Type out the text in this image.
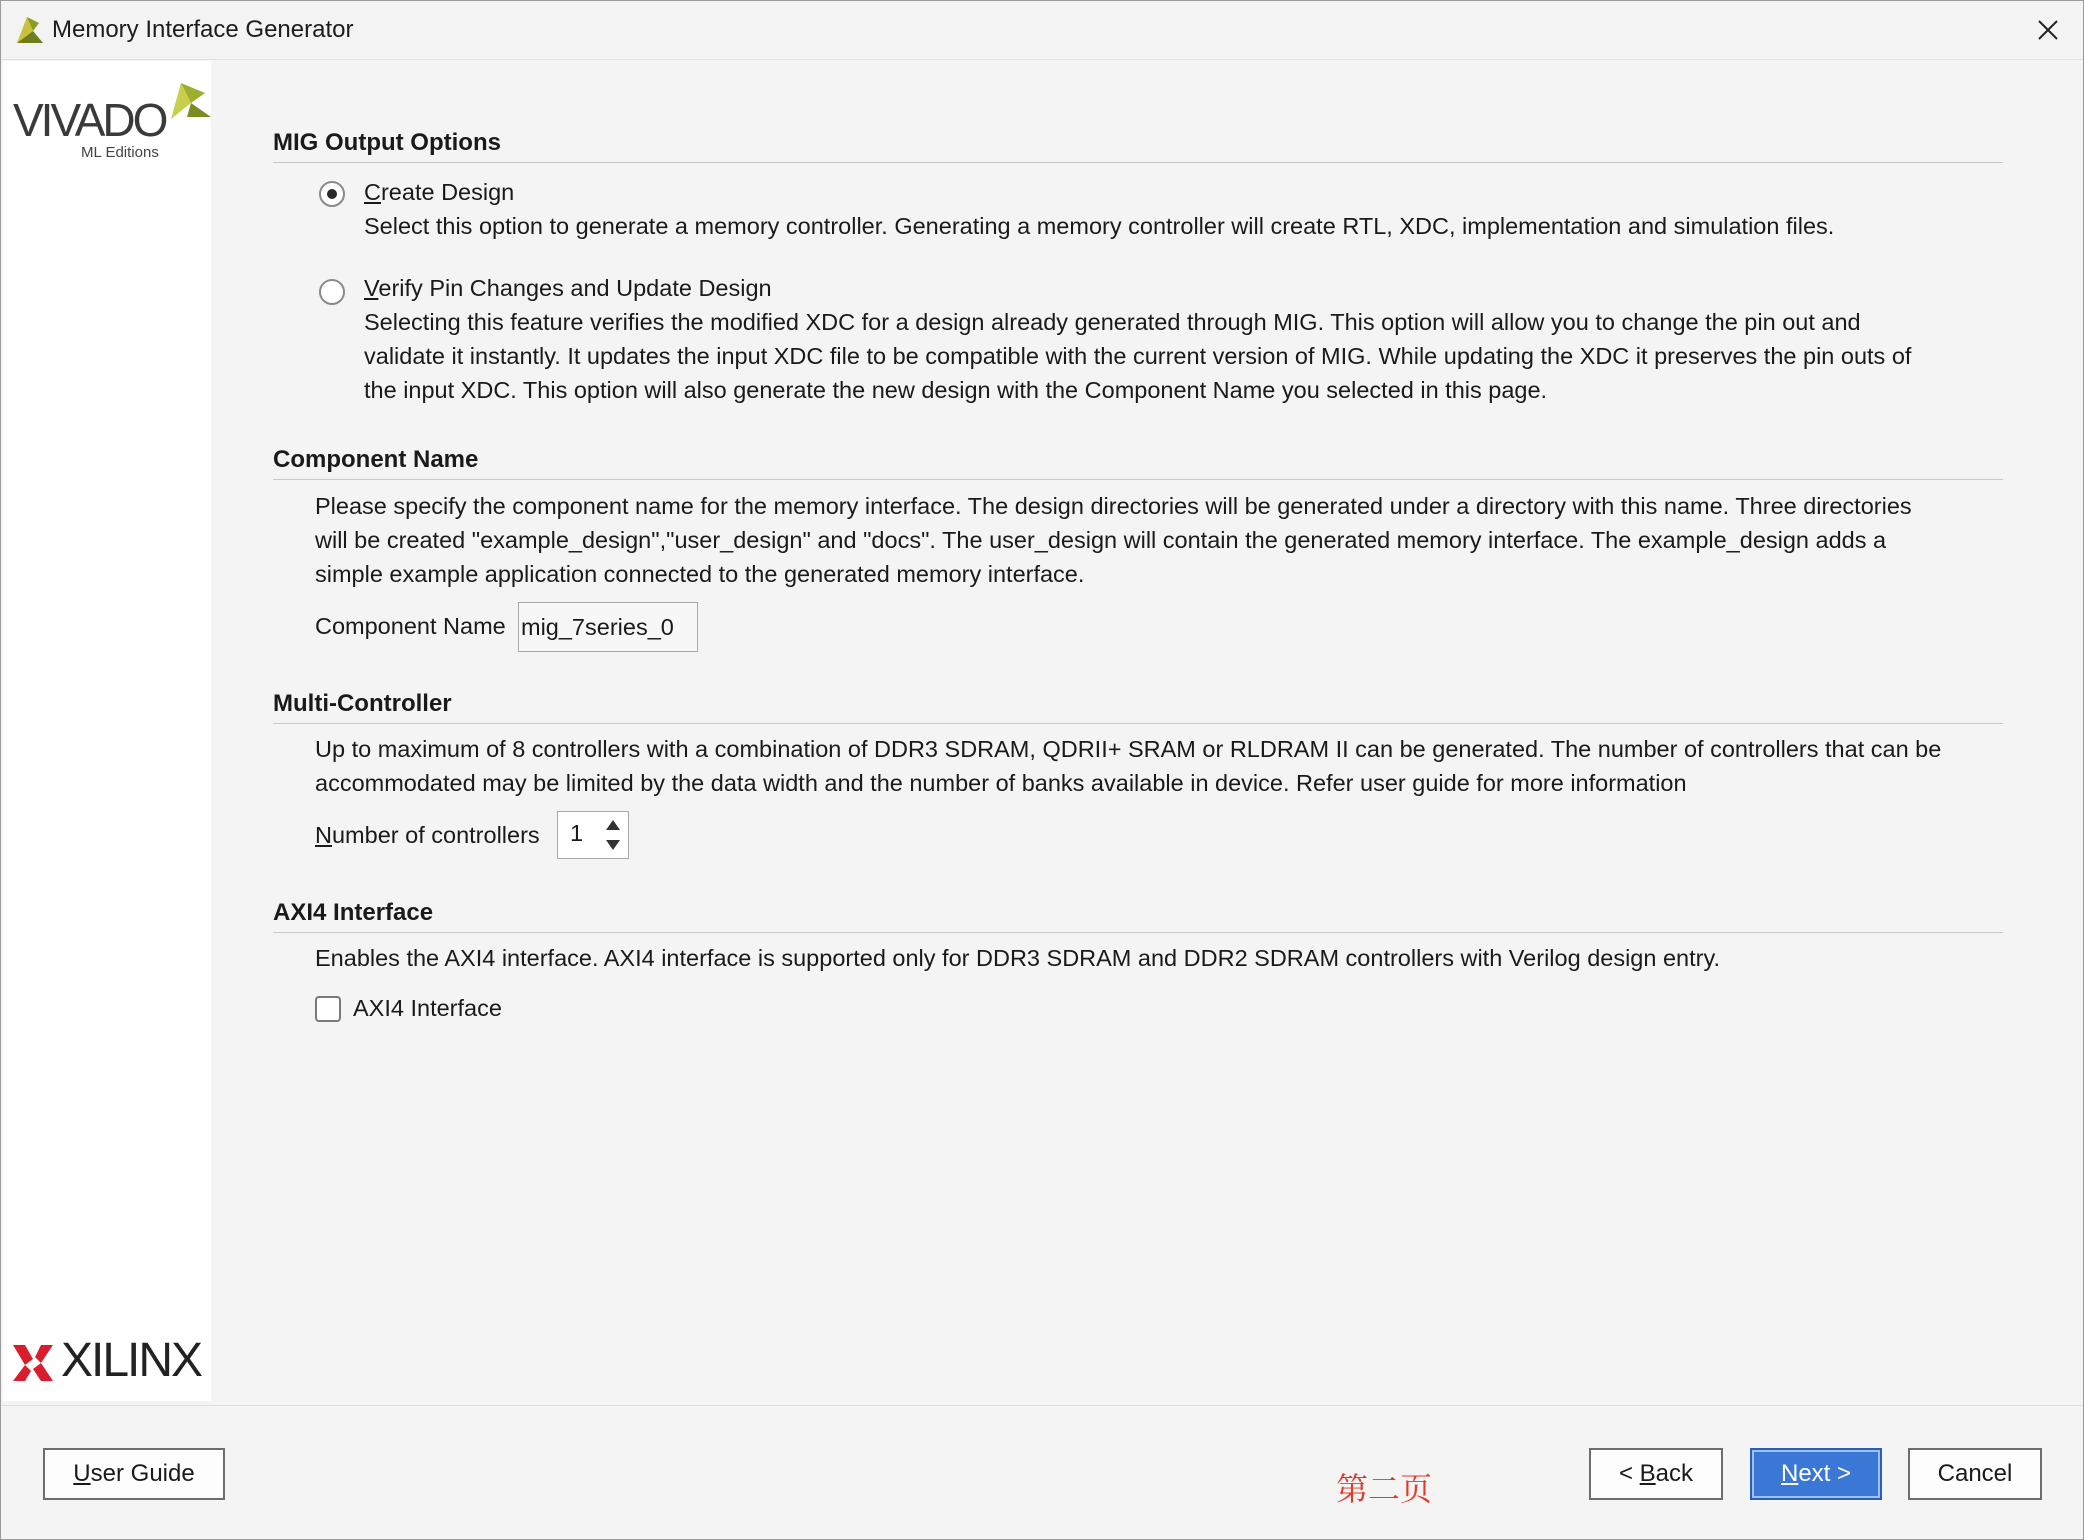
Memory Interface Generator
VIVADO
ML Editions
XILINX
MIG Output Options
Create Design
Select this option to generate a memory controller. Generating a memory controller will create RTL, XDC, implementation and simulation files.
Verify Pin Changes and Update Design
Selecting this feature verifies the modified XDC for a design already generated through MIG. This option will allow you to change the pin out and
validate it instantly. It updates the input XDC file to be compatible with the current version of MIG. While updating the XDC it preserves the pin outs of
the input XDC. This option will also generate the new design with the Component Name you selected in this page.
Component Name
Please specify the component name for the memory interface. The design directories will be generated under a directory with this name. Three directories
will be created "example_design","user_design" and "docs". The user_design will contain the generated memory interface. The example_design adds a
simple example application connected to the generated memory interface.
Component Name mig_7series_0
Multi-Controller
Up to maximum of 8 controllers with a combination of DDR3 SDRAM, QDRII+ SRAM or RLDRAM II can be generated. The number of controllers that can be
accommodated may be limited by the data width and the number of banks available in device. Refer user guide for more information
Number of controllers 1
AXI4 Interface
Enables the AXI4 interface. AXI4 interface is supported only for DDR3 SDRAM and DDR2 SDRAM controllers with Verilog design entry.
AXI4 Interface
U ser Guide	第二页	< B ack	N ext >	Cancel
